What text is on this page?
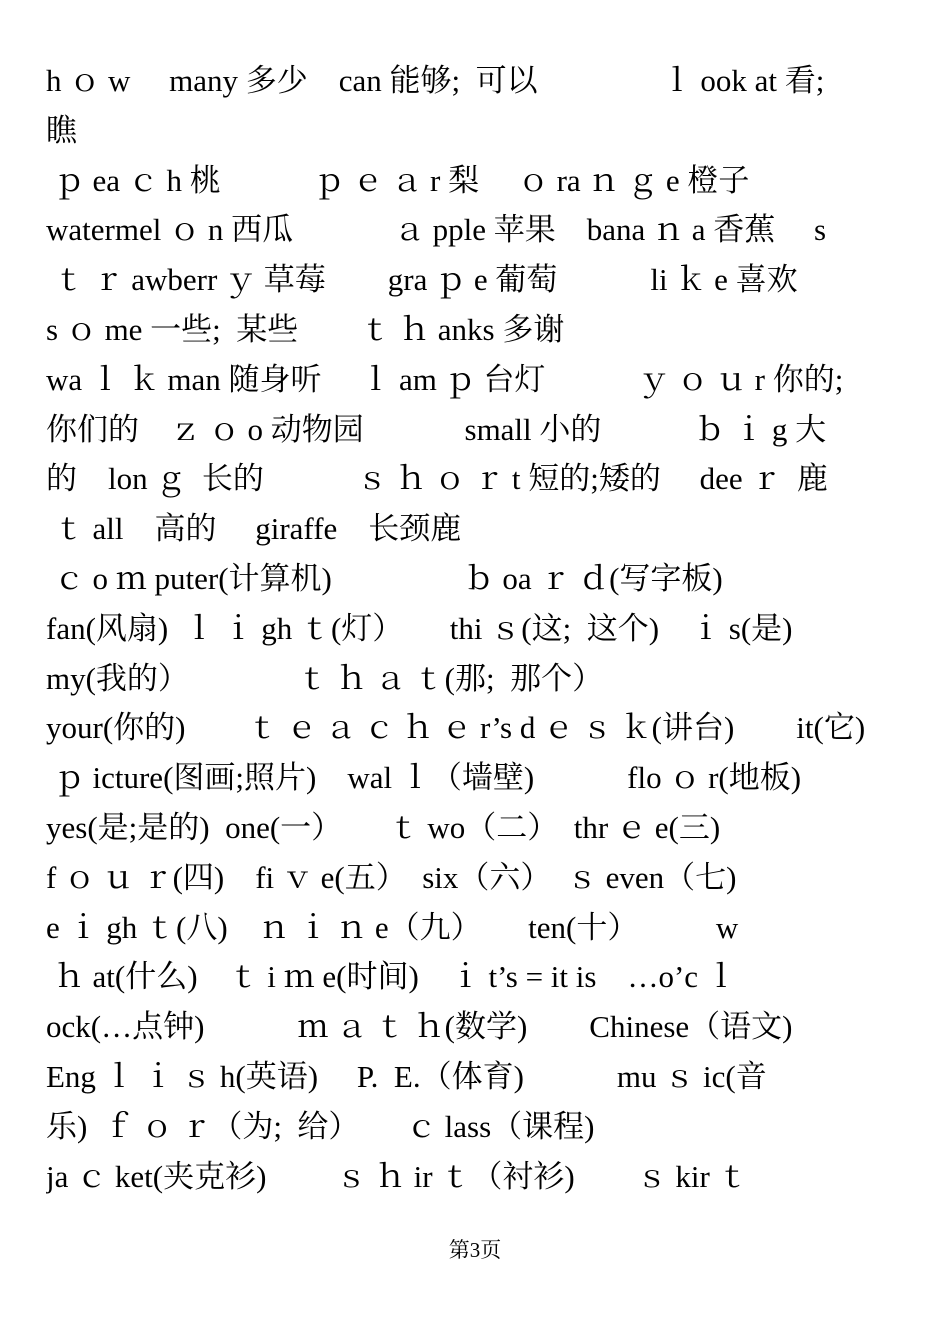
h ｏ w　 many 多少　can 能够;  可以　　　　ｌ ook at 看;
瞧
ｐ ea ｃ h 桃　　　ｐ ｅ ａ r 梨　 ｏ ra ｎ ｇ e 橙子
watermel ｏ n 西瓜　　　 ａ pple 苹果　bana ｎ a 香蕉　 s
ｔ ｒ awberr ｙ 草莓　　gra ｐ e 葡萄　　　li ｋ e 喜欢
s ｏ me 一些;  某些　　ｔ ｈ anks 多谢
wa ｌ ｋ man 随身听　 ｌ am ｐ 台灯　　　ｙ ｏ ｕ r 你的;
你们的　ｚ ｏ o 动物园　　　 small 小的　　　ｂ ｉ g 大
的　lon ｇ  长的　　　ｓ ｈ ｏ ｒ t 短的;矮的　 dee ｒ  鹿
ｔ all　高的　 giraffe　长颈鹿
ｃ o ｍ puter(计算机)　　　　 ｂ oa ｒ ｄ(写字板)
fan(风扇)  ｌ ｉ gh ｔ(灯）　　thi ｓ(这;  这个)　ｉ s(是)
my(我的）　　　　ｔ ｈ ａ ｔ(那;  那个）
your(你的)　　ｔ ｅ ａ ｃ ｈ ｅ r’s d ｅ ｓ ｋ(讲台)　　it(它)
ｐ icture(图画;照片)　wal ｌ（墙壁)　　　flo ｏ r(地板)
yes(是;是的)  one(一）　　ｔ wo（二）　thr ｅ e(三)
f ｏ ｕ ｒ(四)　fi ｖ e(五）　six（六）　ｓ even（七)
e ｉ gh ｔ(八)　ｎ ｉ ｎ e（九）　　ten(十）　　　w
ｈ at(什么)　ｔ i ｍ e(时间)　ｉ t’s = it is　…o’c ｌ
ock(…点钟)　　　ｍ ａ ｔ ｈ(数学)　　Chinese（语文)
Eng ｌ ｉ ｓ h(英语)　 P.  E.（体育)　　　mu ｓ ic(音
乐)  ｆ ｏ ｒ（为;  给）　　ｃ lass（课程)
ja ｃ ket(夹克衫)　　 ｓ ｈ ir ｔ（衬衫)　　ｓ kir ｔ
第3页
